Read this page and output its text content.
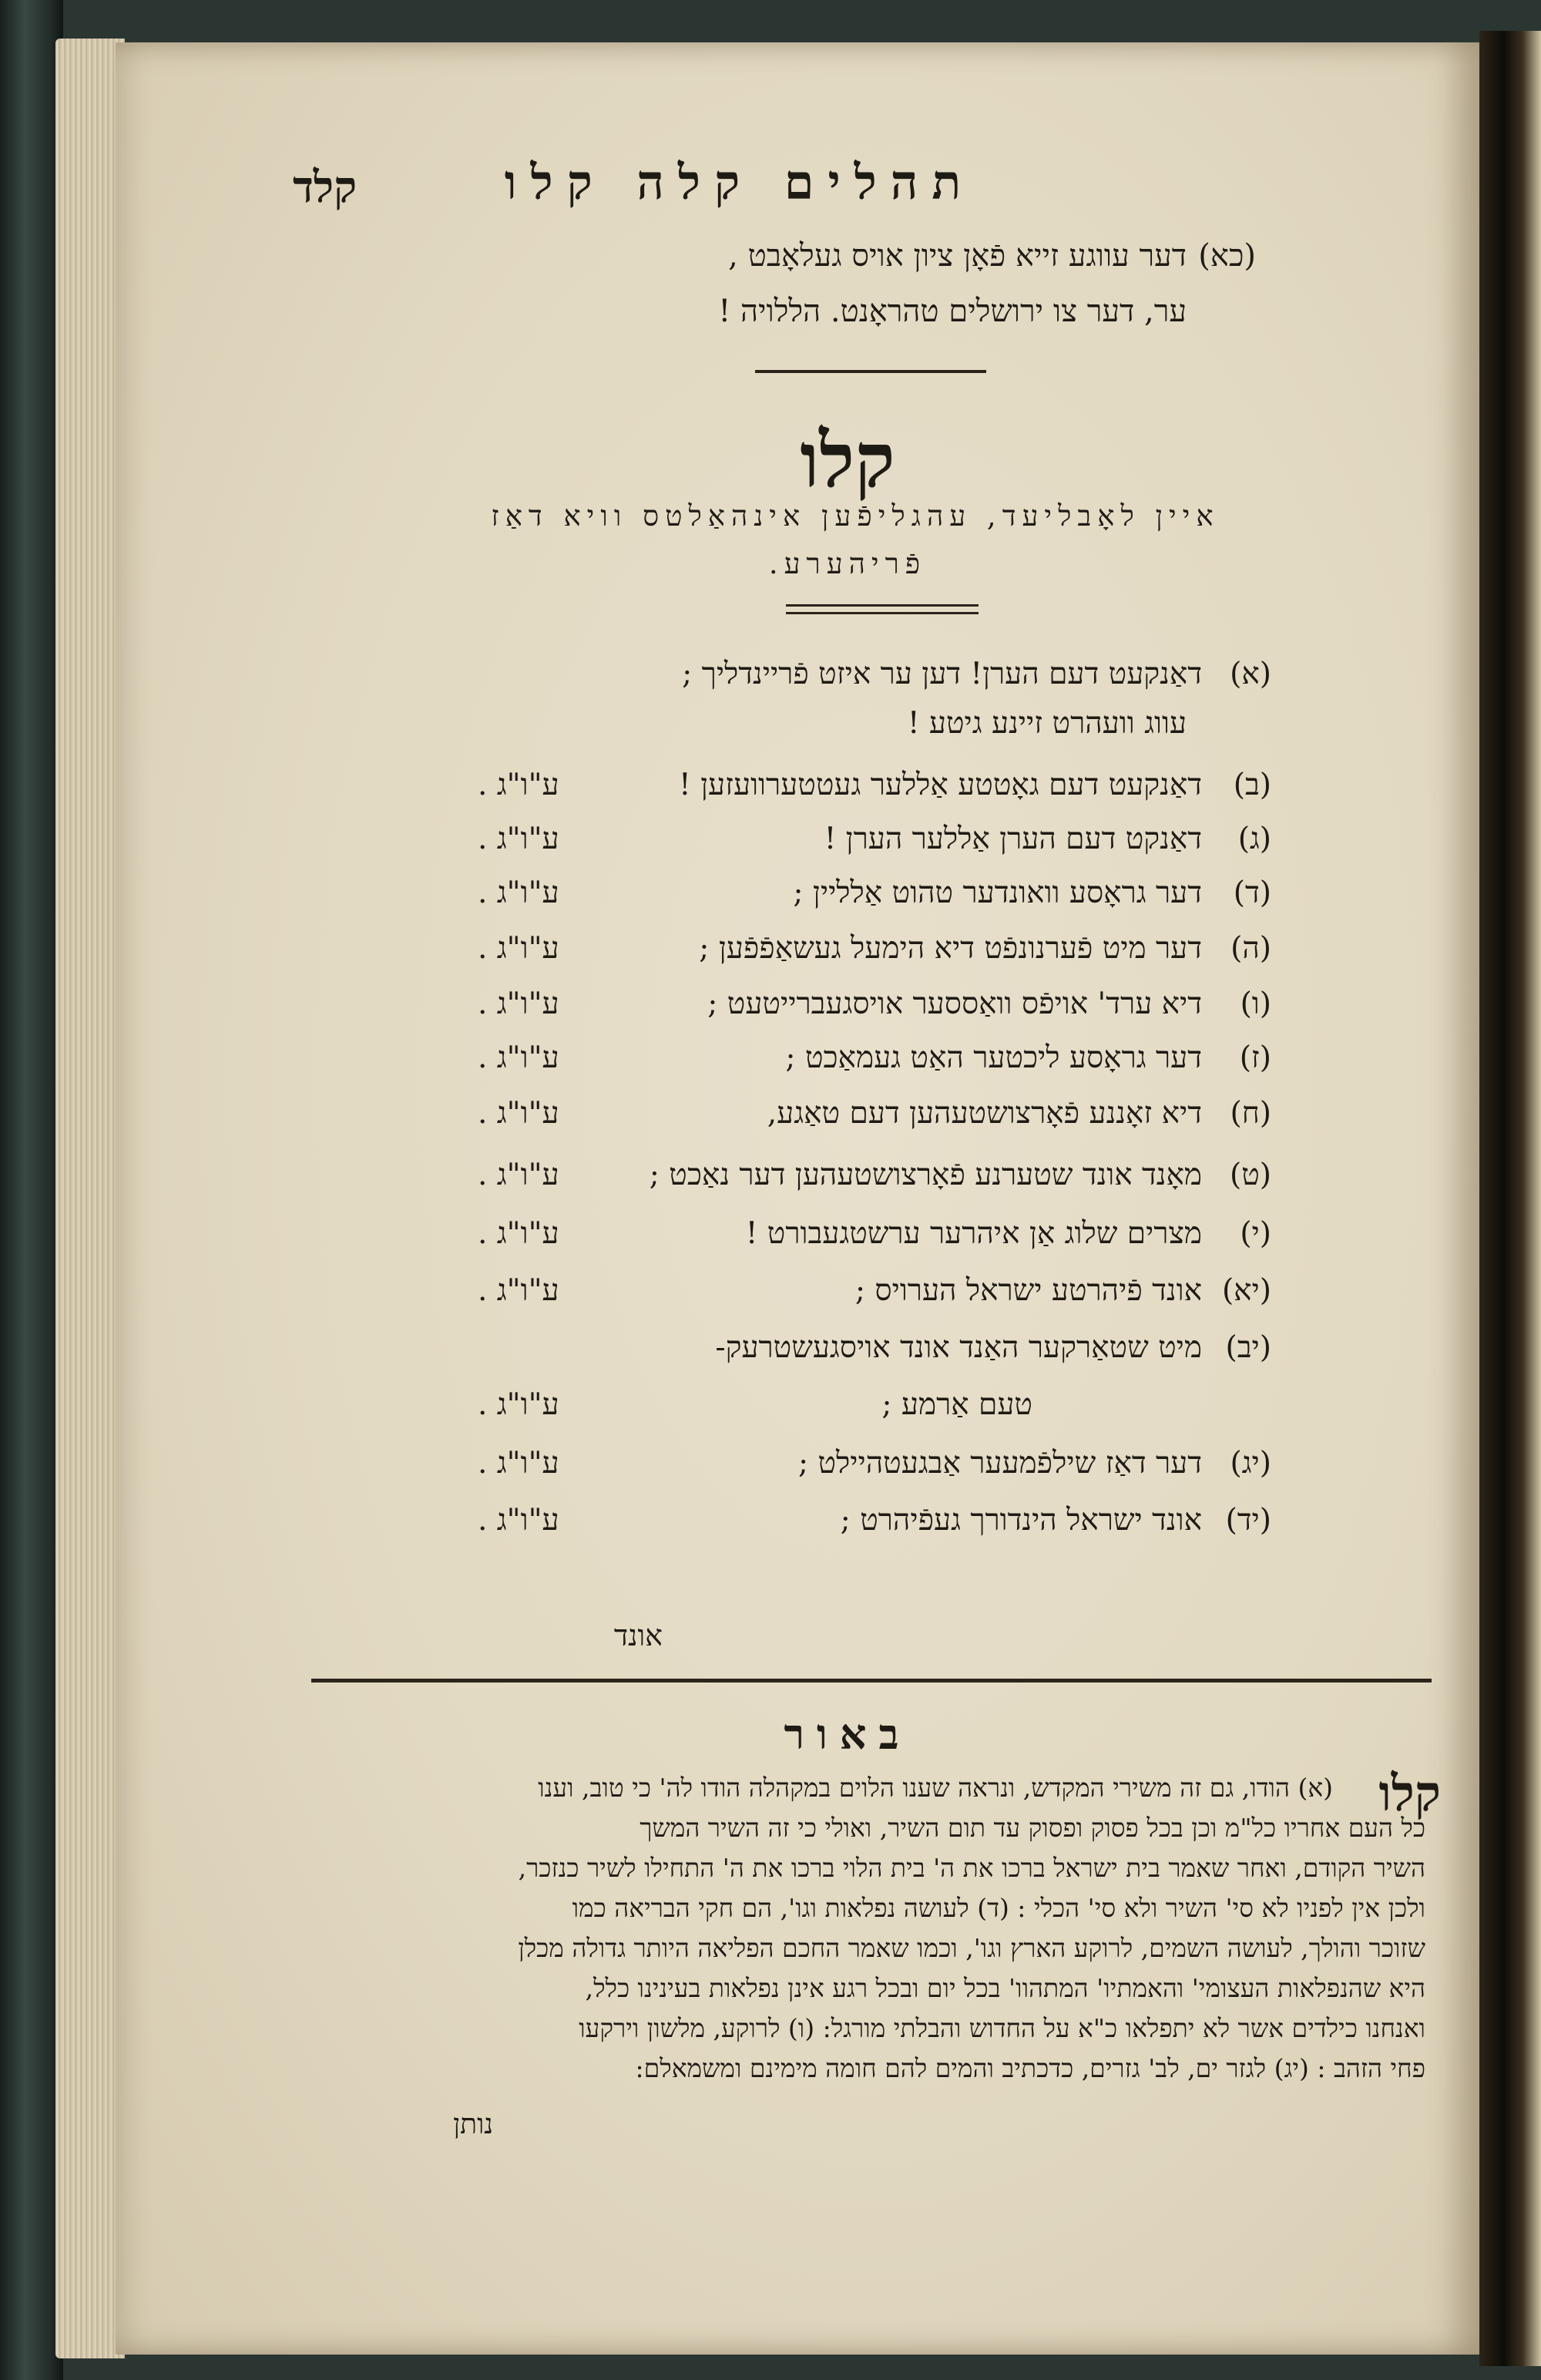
תהלים קלה קלו
קלד
(כא)
דער עווגע זייא פֿאָן ציון אויס געלאָבט ,
ער, דער צו ירושלים טהראָנט. הללויה !
קלו
איין לאָבליעד, עהגליפֿען אינהאַלטס וויא דאַז
פֿריהערע.
(א)
דאַנקעט דעם הערן! דען ער איזט פֿריינדליך ;
עווג וועהרט זיינע גיטע !
(ב)
דאַנקעט דעם גאָטטע אַללער געטטערוועזען !
ע"ו"ג .
(ג)
דאַנקט דעם הערן אַללער הערן !
ע"ו"ג .
(ד)
דער גראָסע וואונדער טהוט אַלליין ;
ע"ו"ג .
(ה)
דער מיט פֿערנונפֿט דיא הימעל געשאַפֿפֿען ;
ע"ו"ג .
(ו)
דיא ערד' אויפֿס וואַססער אויסגעברייטעט ;
ע"ו"ג .
(ז)
דער גראָסע ליכטער האַט געמאַכט ;
ע"ו"ג .
(ח)
דיא זאָננע פֿאָרצושטעהען דעם טאַגע,
ע"ו"ג .
(ט)
מאָנד אונד שטערנע פֿאָרצושטעהען דער נאַכט ;
ע"ו"ג .
(י)
מצרים שלוג אַן איהרער ערשטגעבורט !
ע"ו"ג .
(יא)
אונד פֿיהרטע ישראל הערויס ;
ע"ו"ג .
(יב)
מיט שטאַרקער האַנד אונד אויסגעשטרעק-
טעם אַרמע ;
ע"ו"ג .
(יג)
דער דאַז שילפֿמעער אַבגעטהיילט ;
ע"ו"ג .
(יד)
אונד ישראל הינדורך געפֿיהרט ;
ע"ו"ג .
אונד
באור
קלו
(א) הודו, גם זה משירי המקדש, ונראה שענו הלוים במקהלה הודו לה' כי טוב, וענו
כל העם אחריו כל"מ וכן בכל פסוק ופסוק עד תום השיר, ואולי כי זה השיר המשך
השיר הקודם, ואחר שאמר בית ישראל ברכו את ה' בית הלוי ברכו את ה' התחילו לשיר כנזכר,
ולכן אין לפניו לא סי' השיר ולא סי' הכלי : (ד) לעושה נפלאות וגו', הם חקי הבריאה כמו
שזוכר והולך, לעושה השמים, לרוקע הארץ וגו', וכמו שאמר החכם הפליאה היותר גדולה מכלן
היא שהנפלאות העצומי' והאמתיו' המתהוו' בכל יום ובכל רגע אינן נפלאות בעינינו כלל,
ואנחנו כילדים אשר לא יתפלאו כ"א על החדוש והבלתי מורגל: (ו) לרוקע, מלשון וירקעו
פחי הזהב : (יג) לגזר ים, לב' גזרים, כדכתיב והמים להם חומה מימינם ומשמאלם:
נותן
